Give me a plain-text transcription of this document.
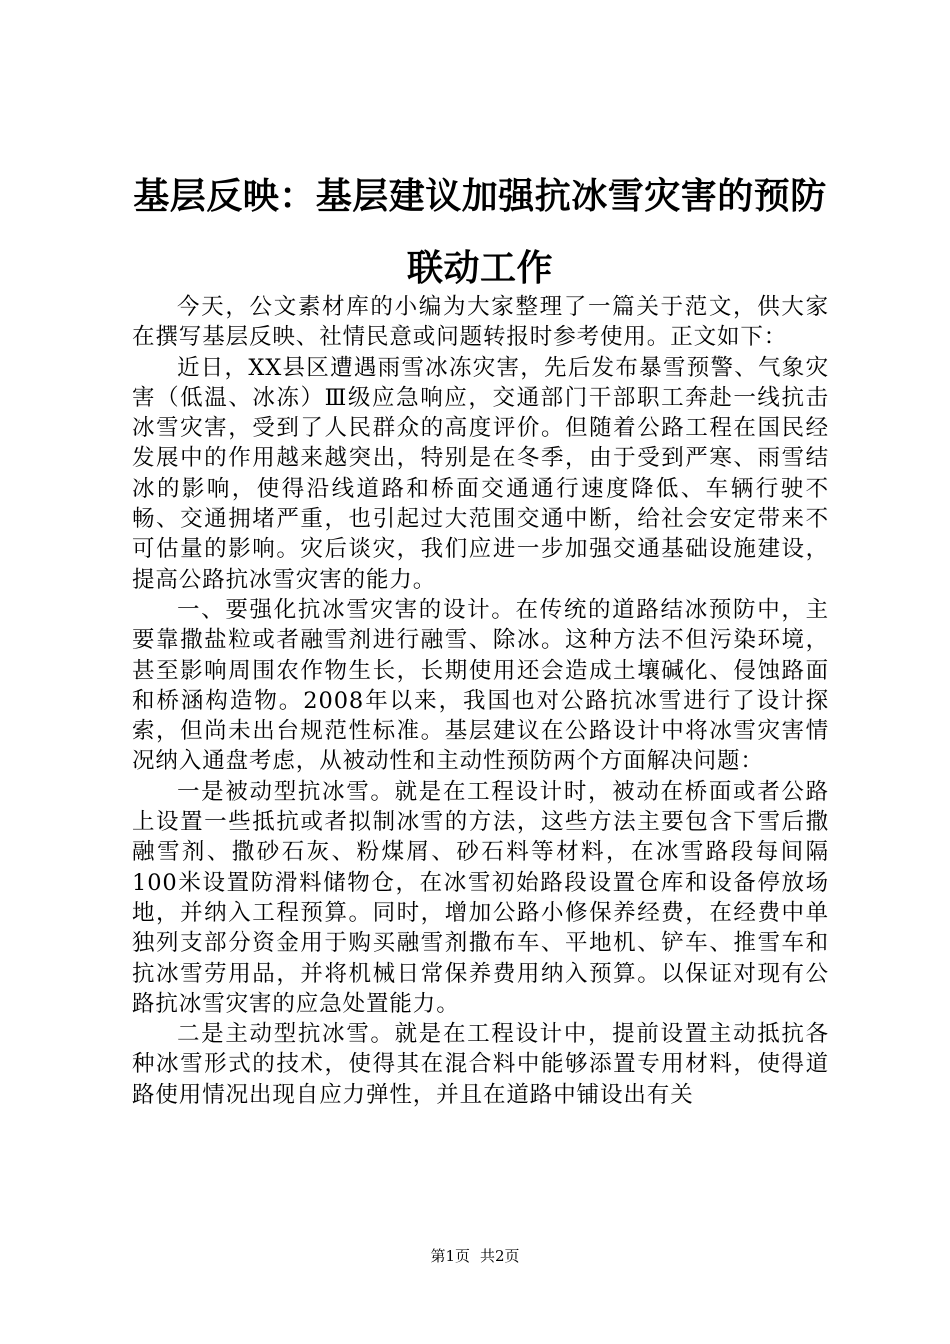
基层反映：基层建议加强抗冰雪灾害的预防联动工作

今天，公文素材库的小编为大家整理了一篇关于范文，供大家在撰写基层反映、社情民意或问题转报时参考使用。正文如下：

近日，XX县区遭遇雨雪冰冻灾害，先后发布暴雪预警、气象灾害（低温、冰冻）Ⅲ级应急响应，交通部门干部职工奔赴一线抗击冰雪灾害，受到了人民群众的高度评价。但随着公路工程在国民经发展中的作用越来越突出，特别是在冬季，由于受到严寒、雨雪结冰的影响，使得沿线道路和桥面交通通行速度降低、车辆行驶不畅、交通拥堵严重，也引起过大范围交通中断，给社会安定带来不可估量的影响。灾后谈灾，我们应进一步加强交通基础设施建设，提高公路抗冰雪灾害的能力。

一、要强化抗冰雪灾害的设计。在传统的道路结冰预防中，主要靠撒盐粒或者融雪剂进行融雪、除冰。这种方法不但污染环境，甚至影响周围农作物生长，长期使用还会造成土壤碱化、侵蚀路面和桥涵构造物。2008年以来，我国也对公路抗冰雪进行了设计探索，但尚未出台规范性标准。基层建议在公路设计中将冰雪灾害情况纳入通盘考虑，从被动性和主动性预防两个方面解决问题：

一是被动型抗冰雪。就是在工程设计时，被动在桥面或者公路上设置一些抵抗或者拟制冰雪的方法，这些方法主要包含下雪后撒融雪剂、撒砂石灰、粉煤屑、砂石料等材料，在冰雪路段每间隔100米设置防滑料储物仓，在冰雪初始路段设置仓库和设备停放场地，并纳入工程预算。同时，增加公路小修保养经费，在经费中单独列支部分资金用于购买融雪剂撒布车、平地机、铲车、推雪车和抗冰雪劳用品，并将机械日常保养费用纳入预算。以保证对现有公路抗冰雪灾害的应急处置能力。

二是主动型抗冰雪。就是在工程设计中，提前设置主动抵抗各种冰雪形式的技术，使得其在混合料中能够添置专用材料，使得道路使用情况出现自应力弹性，并且在道路中铺设出有关

第1页 共2页
